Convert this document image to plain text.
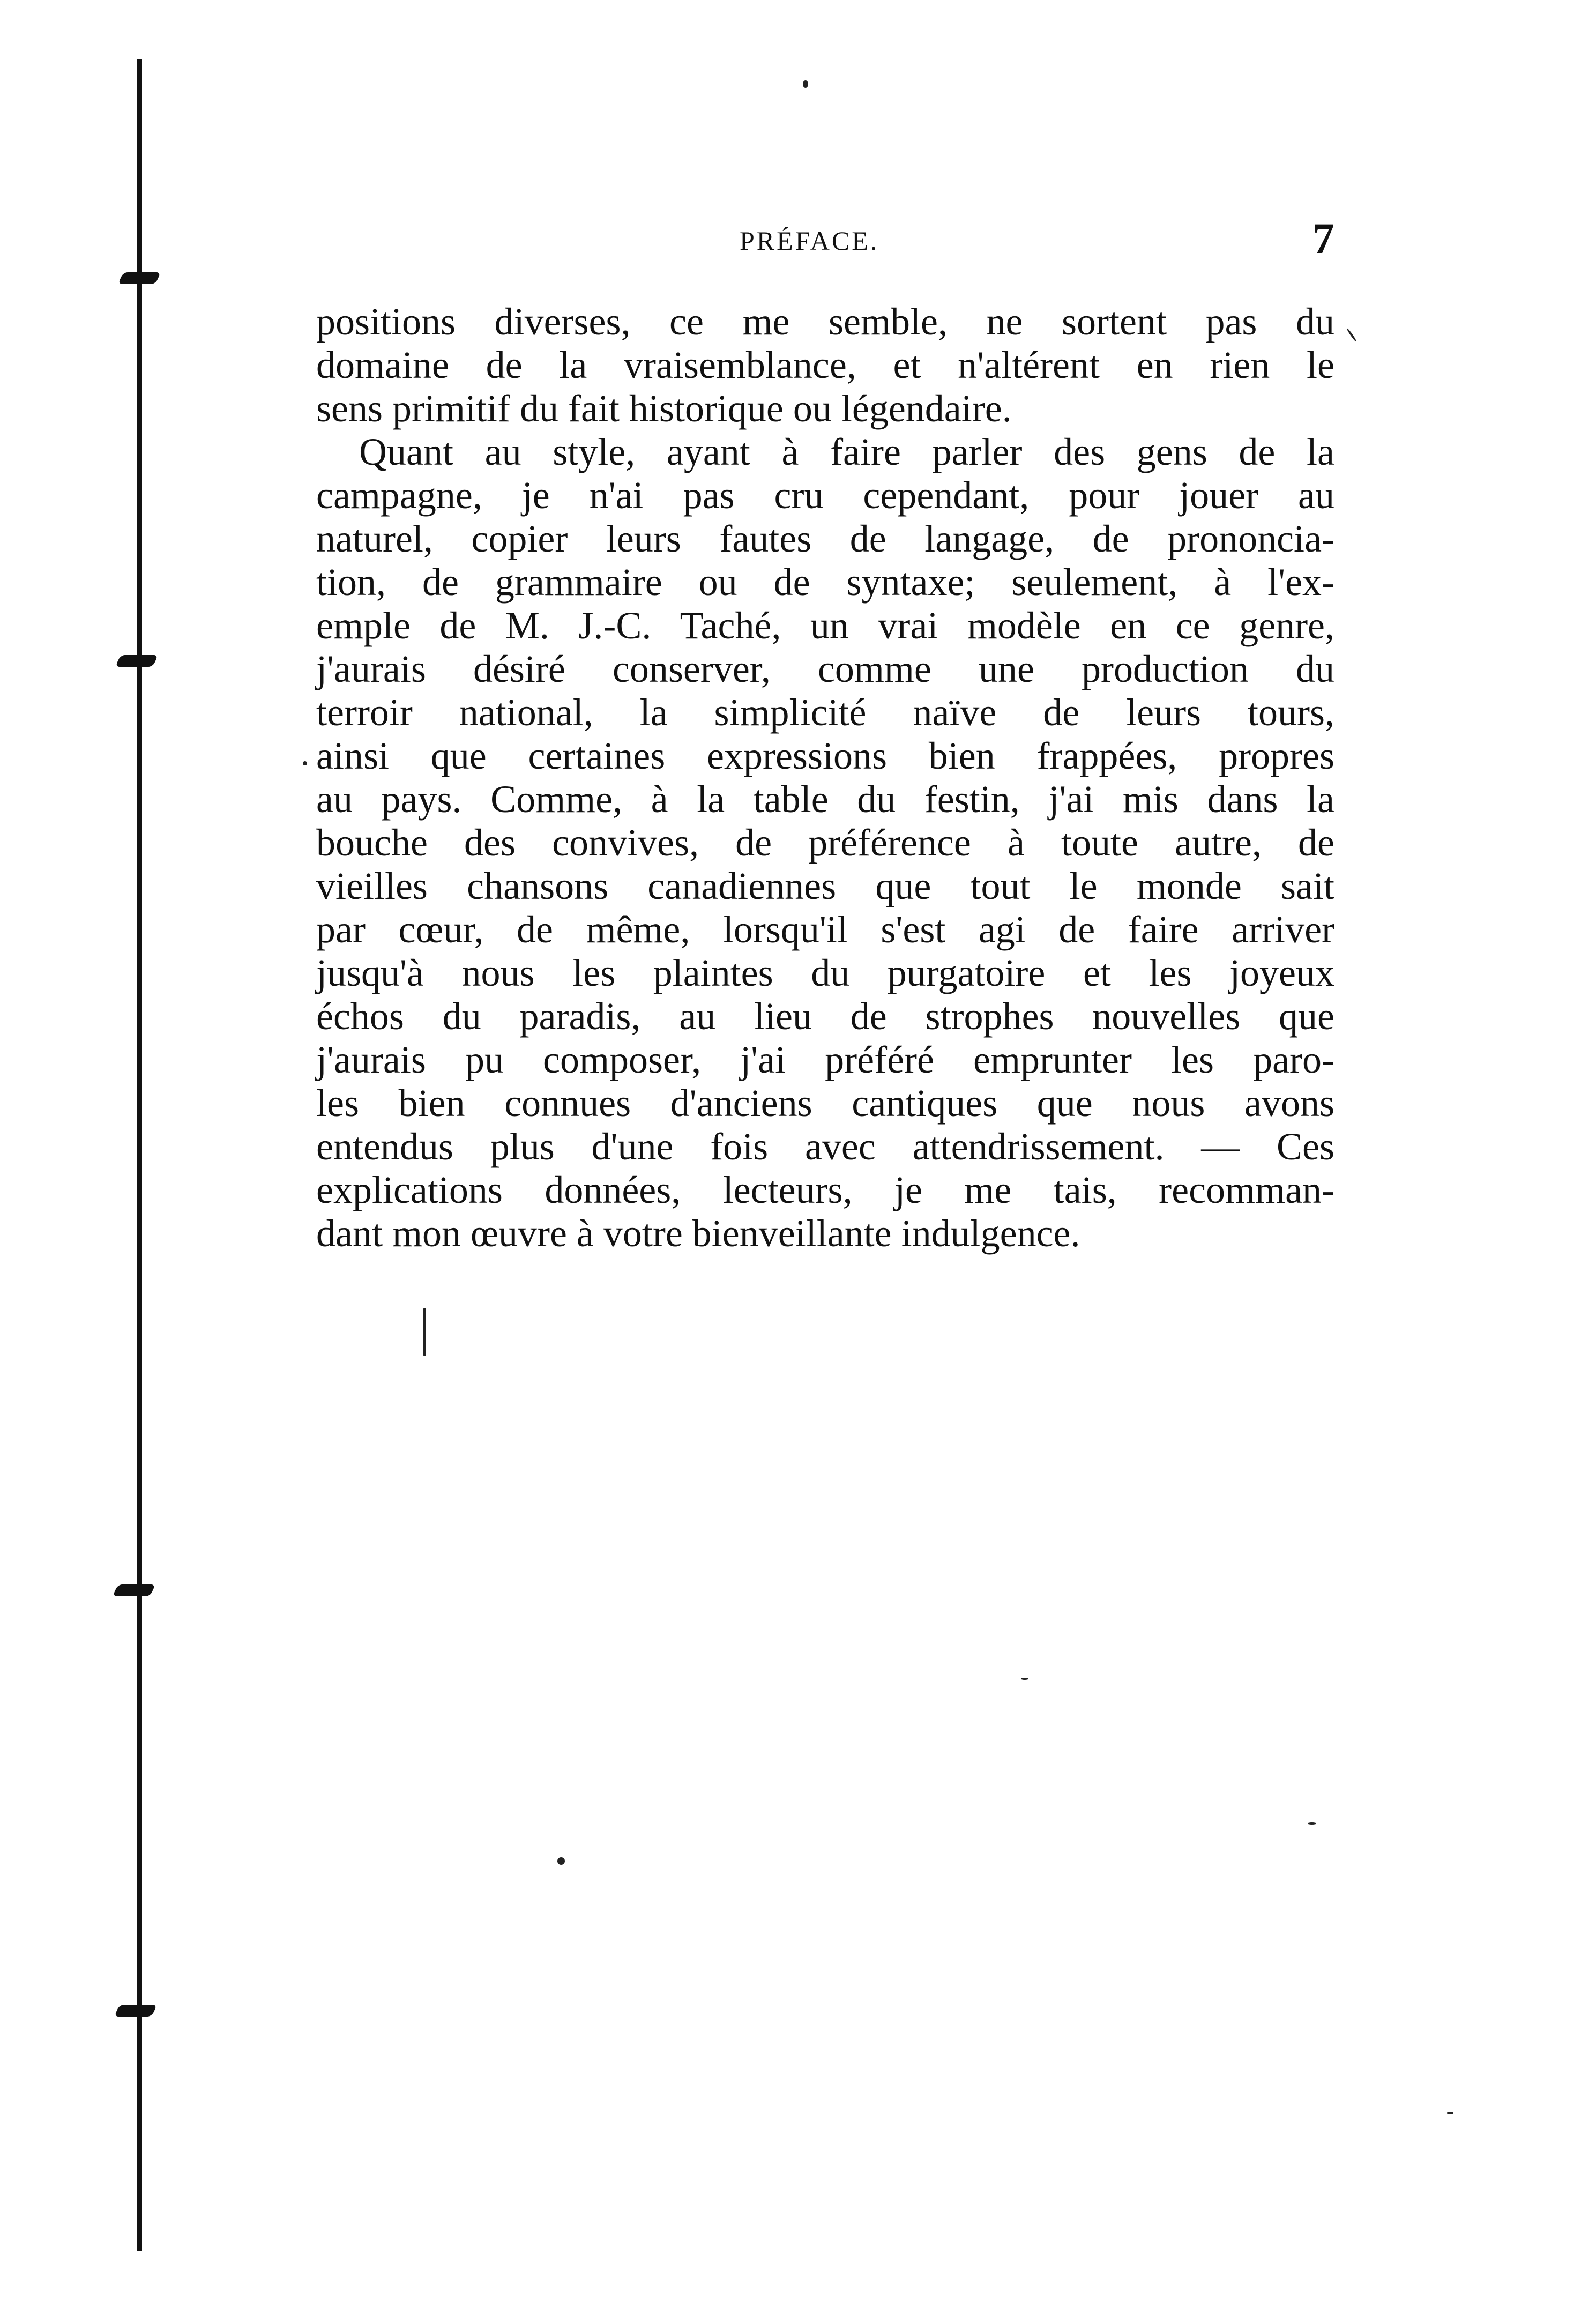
PRÉFACE.	7
positions diverses, ce me semble, ne sortent pas du
domaine de la vraisemblance, et n'altérent en rien le
sens primitif du fait historique ou légendaire.
Quant au style, ayant à faire parler des gens de la
campagne, je n'ai pas cru cependant, pour jouer au
naturel, copier leurs fautes de langage, de prononcia-
tion, de grammaire ou de syntaxe; seulement, à l'ex-
emple de M. J.-C. Taché, un vrai modèle en ce genre,
j'aurais désiré conserver, comme une production du
terroir national, la simplicité naïve de leurs tours,
ainsi que certaines expressions bien frappées, propres
au pays. Comme, à la table du festin, j'ai mis dans la
bouche des convives, de préférence à toute autre, de
vieilles chansons canadiennes que tout le monde sait
par cœur, de même, lorsqu'il s'est agi de faire arriver
jusqu'à nous les plaintes du purgatoire et les joyeux
échos du paradis, au lieu de strophes nouvelles que
j'aurais pu composer, j'ai préféré emprunter les paro-
les bien connues d'anciens cantiques que nous avons
entendus plus d'une fois avec attendrissement. — Ces
explications données, lecteurs, je me tais, recomman-
dant mon œuvre à votre bienveillante indulgence.
